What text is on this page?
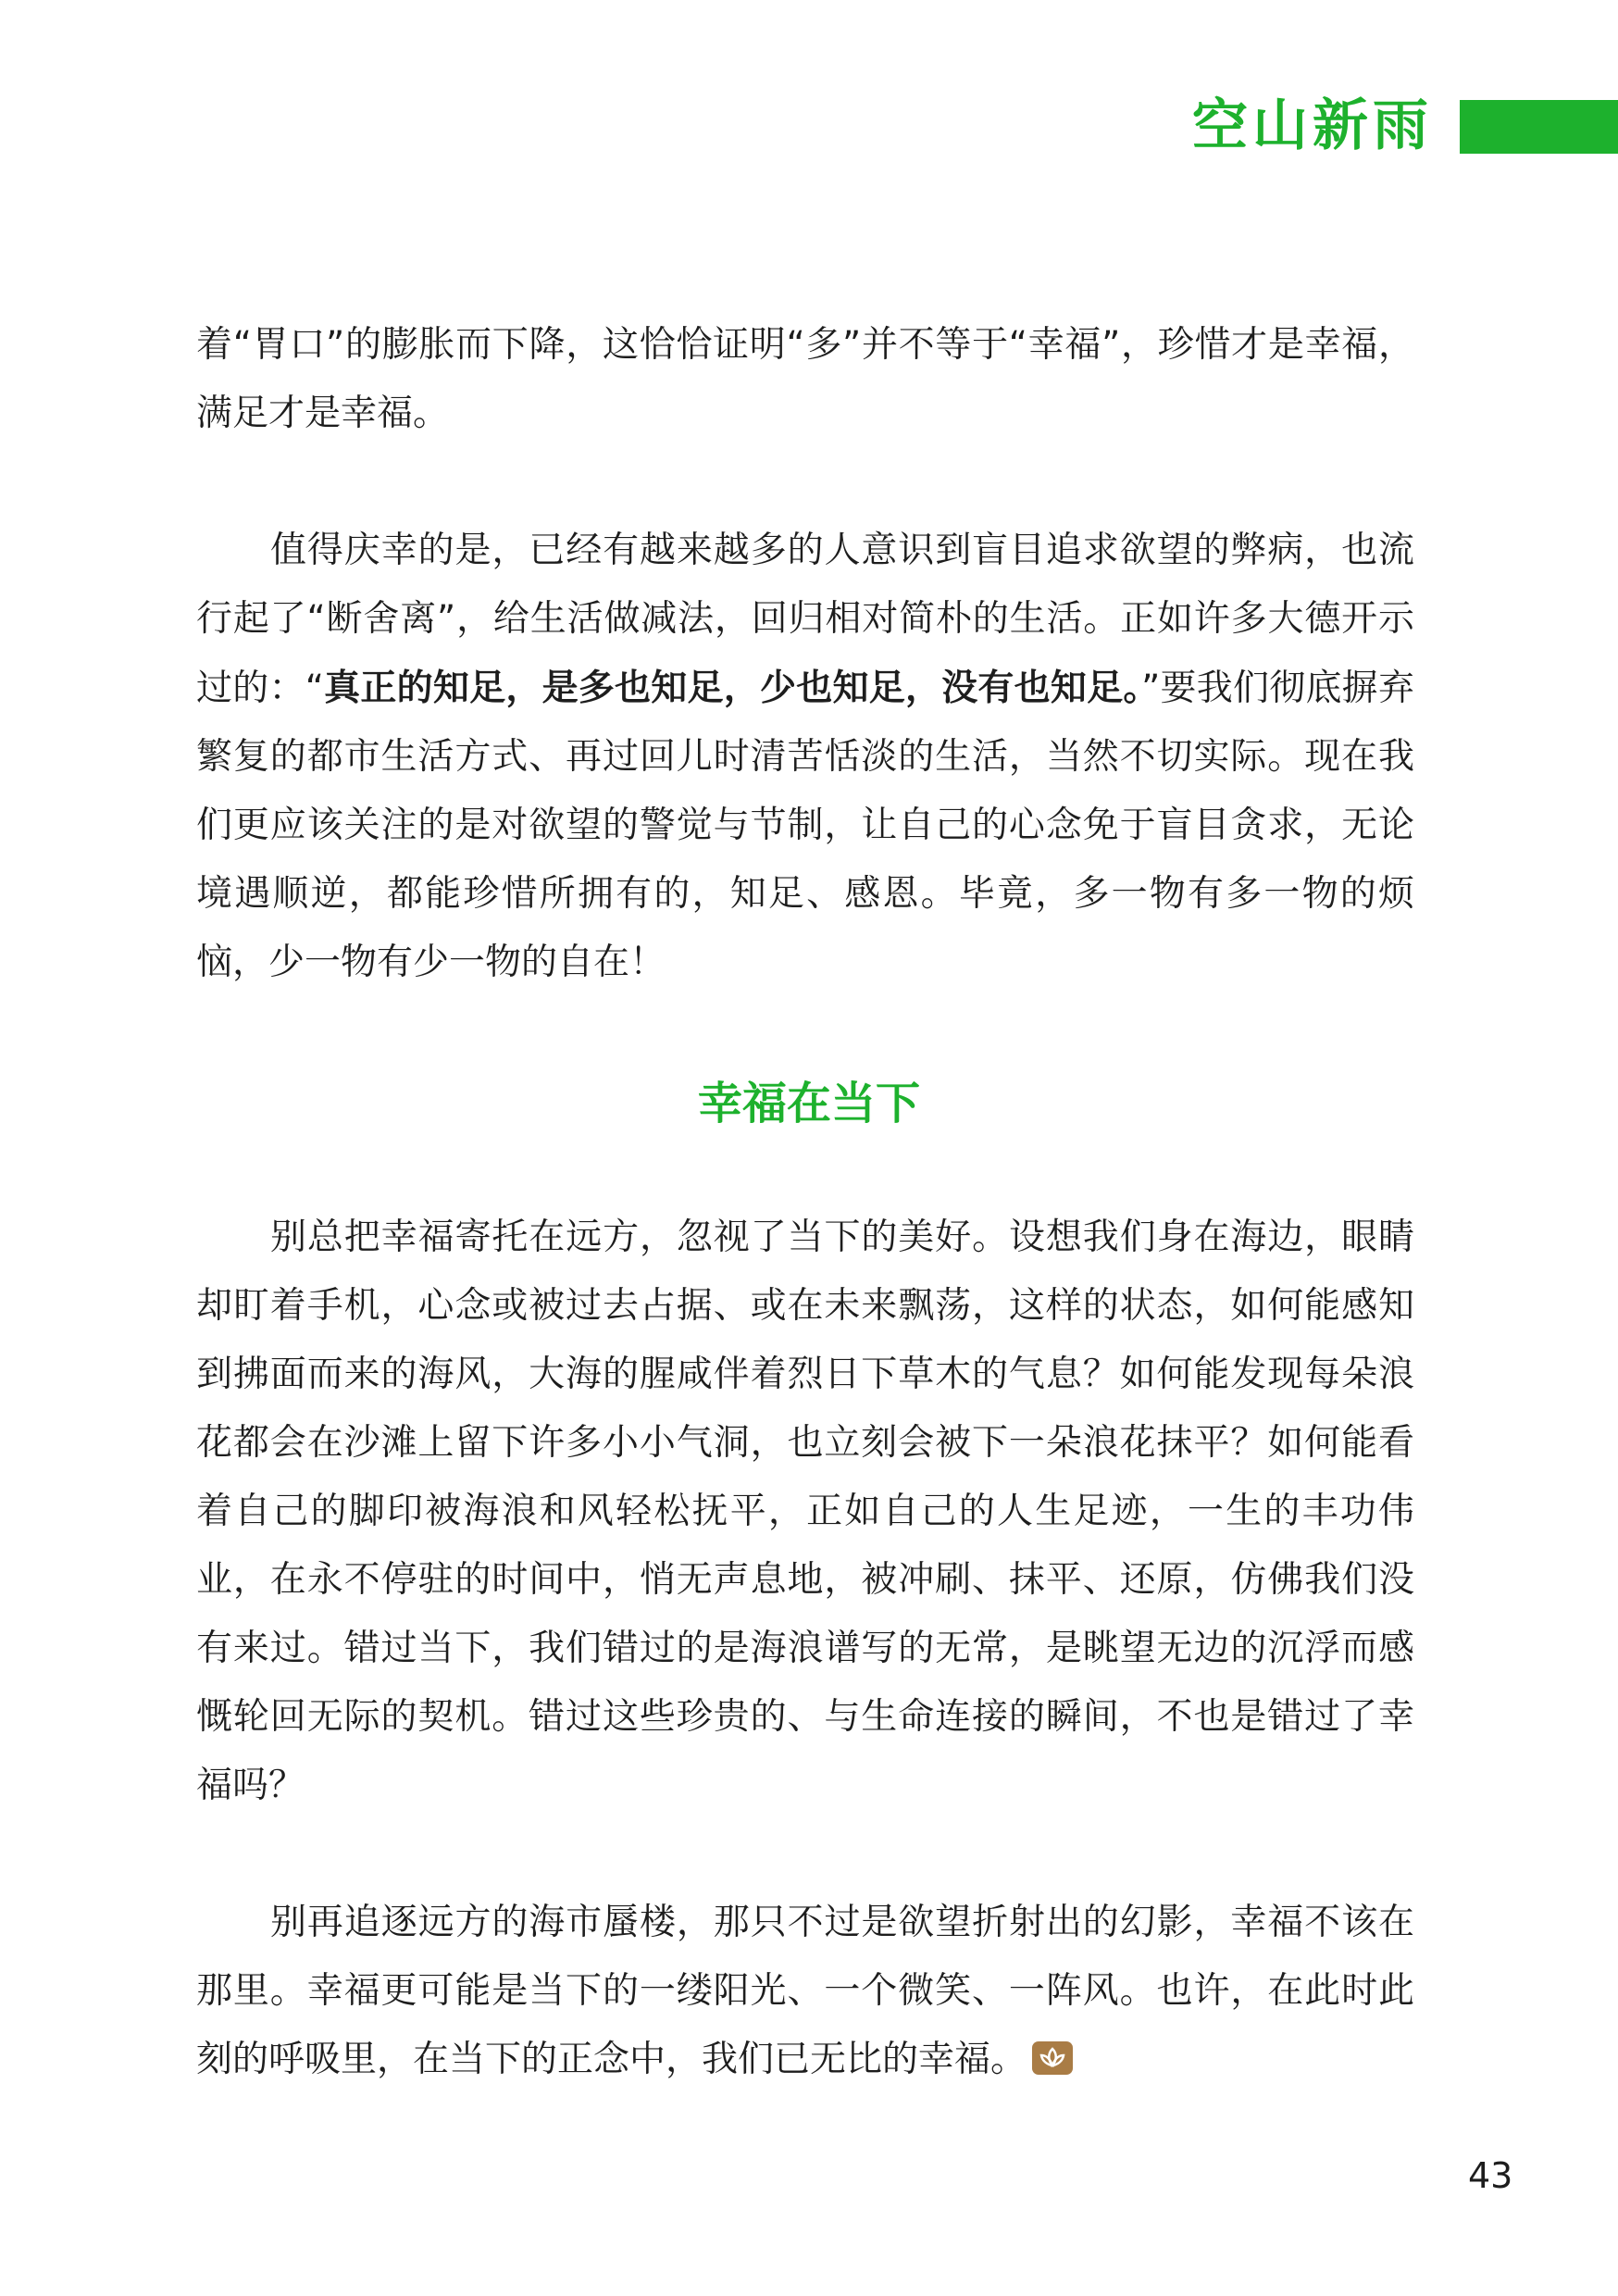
空山新雨

着“胃口”的膨胀而下降，这恰恰证明“多”并不等于“幸福”，珍惜才是幸福，满足才是幸福。

值得庆幸的是，已经有越来越多的人意识到盲目追求欲望的弊病，也流行起了“断舍离”，给生活做减法，回归相对简朴的生活。正如许多大德开示过的：“真正的知足，是多也知足，少也知足，没有也知足。”要我们彻底摒弃繁复的都市生活方式、再过回儿时清苦恬淡的生活，当然不切实际。现在我们更应该关注的是对欲望的警觉与节制，让自己的心念免于盲目贪求，无论境遇顺逆，都能珍惜所拥有的，知足、感恩。毕竟，多一物有多一物的烦恼，少一物有少一物的自在！

幸福在当下

别总把幸福寄托在远方，忽视了当下的美好。设想我们身在海边，眼睛却盯着手机，心念或被过去占据、或在未来飘荡，这样的状态，如何能感知到拂面而来的海风，大海的腥咸伴着烈日下草木的气息？如何能发现每朵浪花都会在沙滩上留下许多小小气洞，也立刻会被下一朵浪花抹平？如何能看着自己的脚印被海浪和风轻松抚平，正如自己的人生足迹，一生的丰功伟业，在永不停驻的时间中，悄无声息地，被冲刷、抹平、还原，仿佛我们没有来过。错过当下，我们错过的是海浪谱写的无常，是眺望无边的沉浮而感慨轮回无际的契机。错过这些珍贵的、与生命连接的瞬间，不也是错过了幸福吗？

别再追逐远方的海市蜃楼，那只不过是欲望折射出的幻影，幸福不该在那里。幸福更可能是当下的一缕阳光、一个微笑、一阵风。也许，在此时此刻的呼吸里，在当下的正念中，我们已无比的幸福。

43
